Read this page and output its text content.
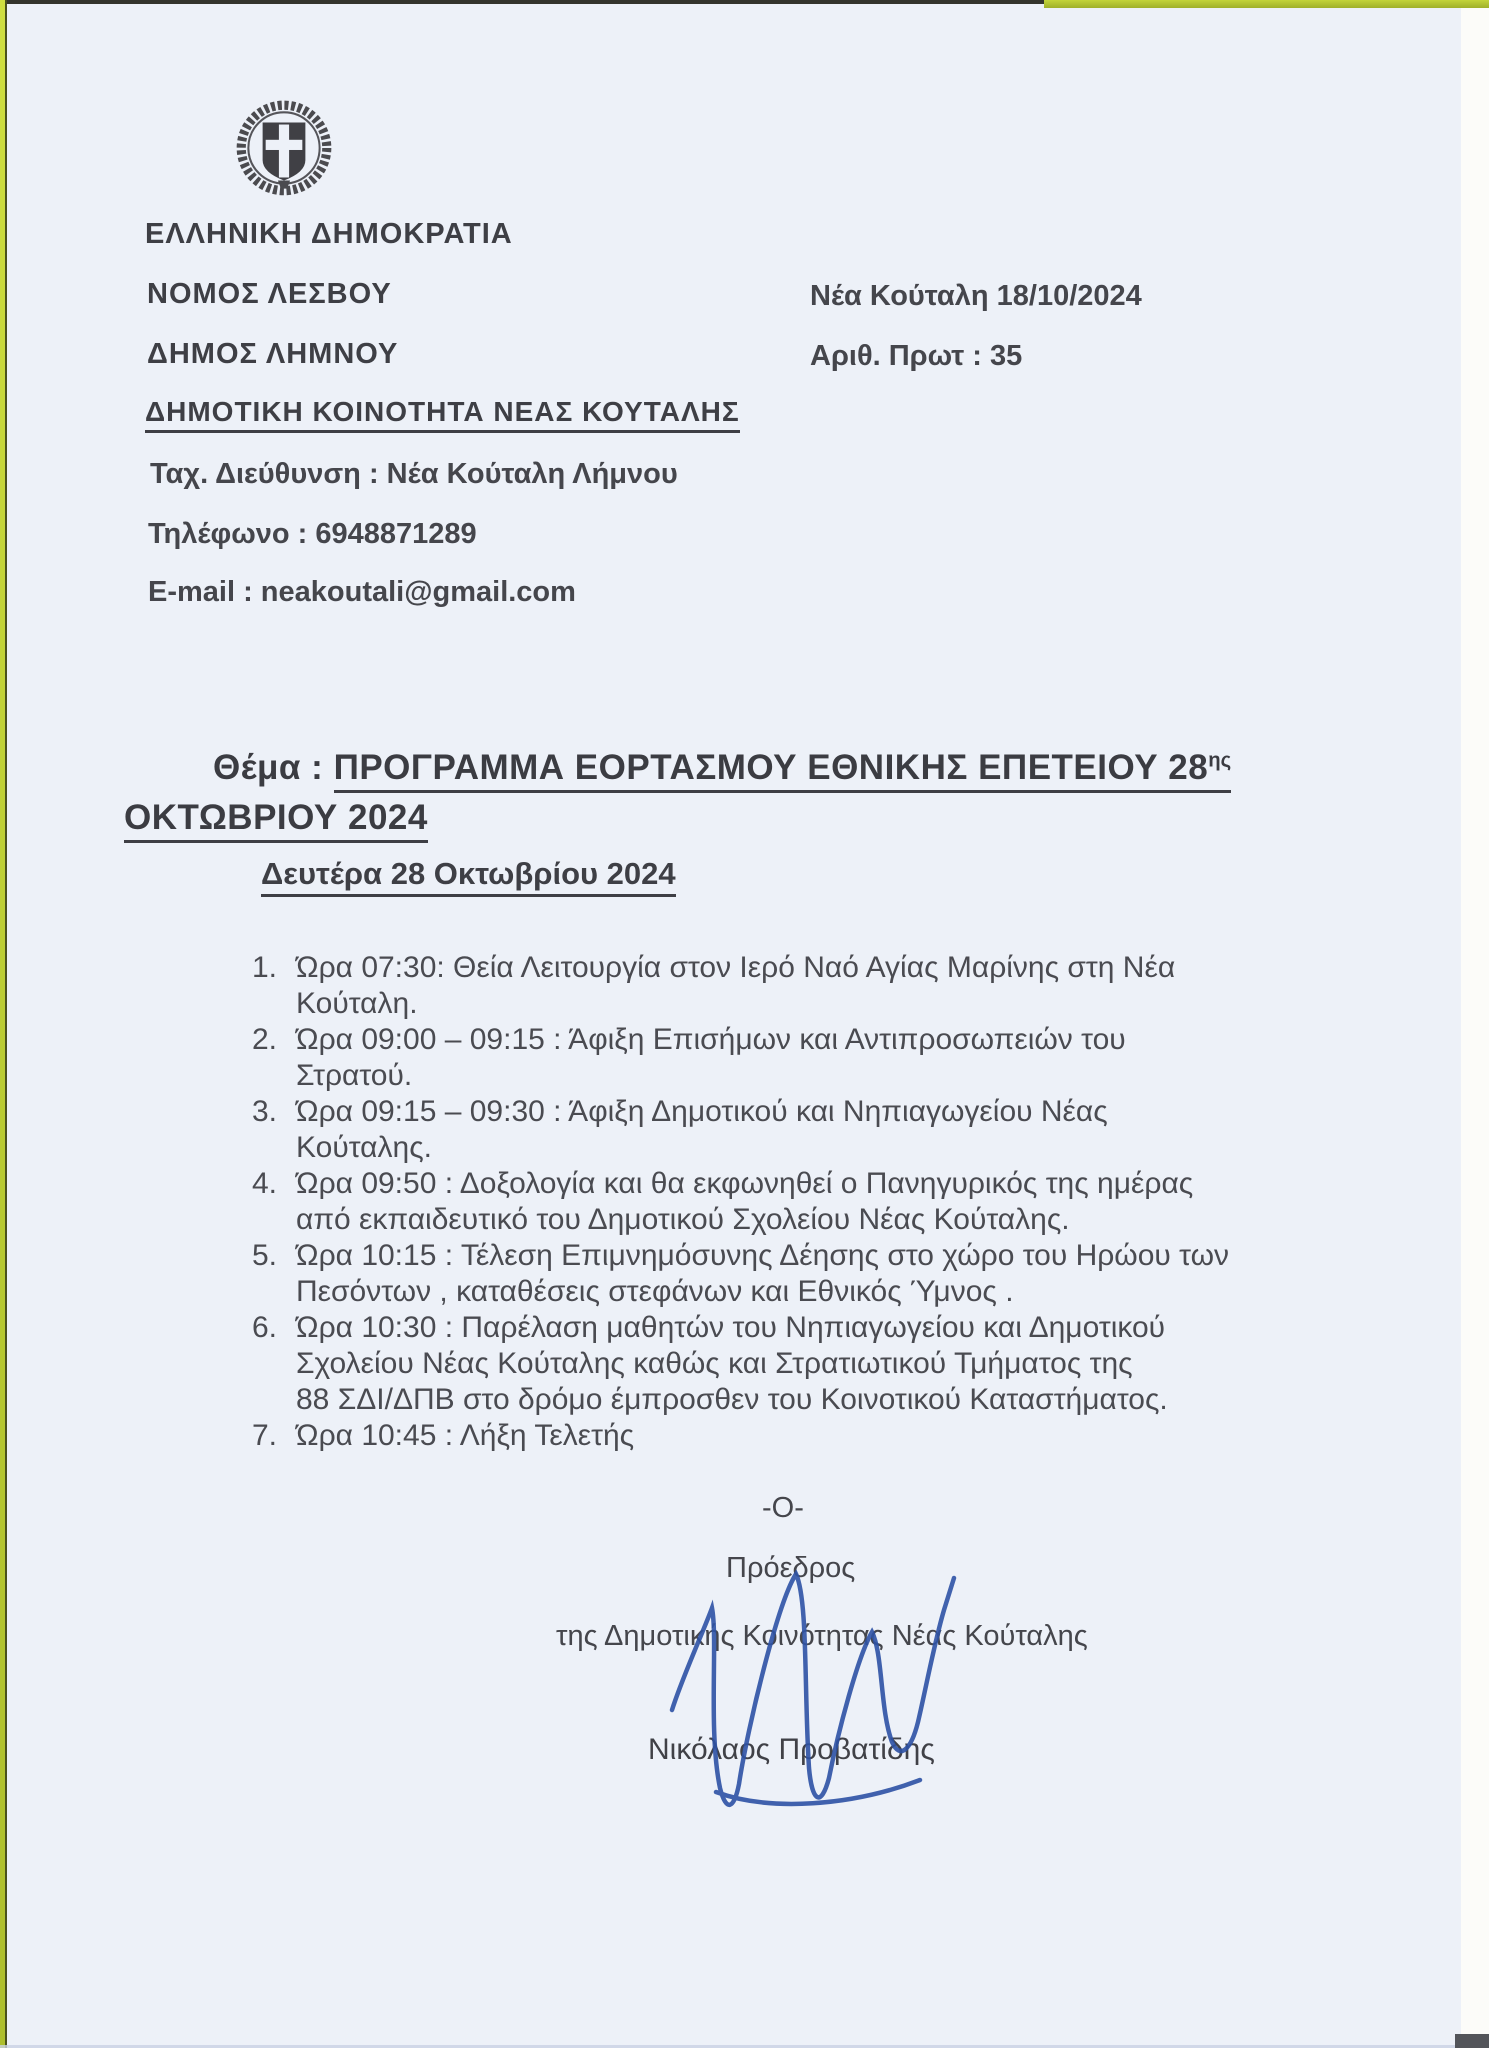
ΕΛΛΗΝΙΚΗ ΔΗΜΟΚΡΑΤΙΑ
ΝΟΜΟΣ ΛΕΣΒΟΥ
ΔΗΜΟΣ ΛΗΜΝΟΥ
ΔΗΜΟΤΙΚΗ ΚΟΙΝΟΤΗΤΑ ΝΕΑΣ ΚΟΥΤΑΛΗΣ
Ταχ. Διεύθυνση : Νέα Κούταλη Λήμνου
Τηλέφωνο : 6948871289
E-mail : neakoutali@gmail.com
Νέα Κούταλη 18/10/2024
Αριθ. Πρωτ : 35
Θέμα : ΠΡΟΓΡΑΜΜΑ ΕΟΡΤΑΣΜΟΥ ΕΘΝΙΚΗΣ ΕΠΕΤΕΙΟΥ $28^{\eta\varsigma}$
ΟΚΤΩΒΡΙΟΥ 2024
Δευτέρα 28 Οκτωβρίου 2024
1. Ώρα 07:30: Θεία Λειτουργία στον Ιερό Ναό Αγίας Μαρίνης στη Νέα
Κούταλη.
2. Ώρα 09:00 – 09:15 : Άφιξη Επισήμων και Αντιπροσωπειών του
Στρατού.
3. Ώρα 09:15 – 09:30 : Άφιξη Δημοτικού και Νηπιαγωγείου Νέας
Κούταλης.
4. Ώρα 09:50 : Δοξολογία και θα εκφωνηθεί ο Πανηγυρικός της ημέρας
από εκπαιδευτικό του Δημοτικού Σχολείου Νέας Κούταλης.
5. Ώρα 10:15 : Τέλεση Επιμνημόσυνης Δέησης στο χώρο του Ηρώου των
Πεσόντων , καταθέσεις στεφάνων και Εθνικός Ύμνος .
6. Ώρα 10:30 : Παρέλαση μαθητών του Νηπιαγωγείου και Δημοτικού
Σχολείου Νέας Κούταλης καθώς και Στρατιωτικού Τμήματος της
88 ΣΔΙ/ΔΠΒ στο δρόμο έμπροσθεν του Κοινοτικού Καταστήματος.
7. Ώρα 10:45 : Λήξη Τελετής
-Ο-
Πρόεδρος
της Δημοτικής Κοινότητας Νέας Κούταλης
Νικόλαος Προβατίδης
